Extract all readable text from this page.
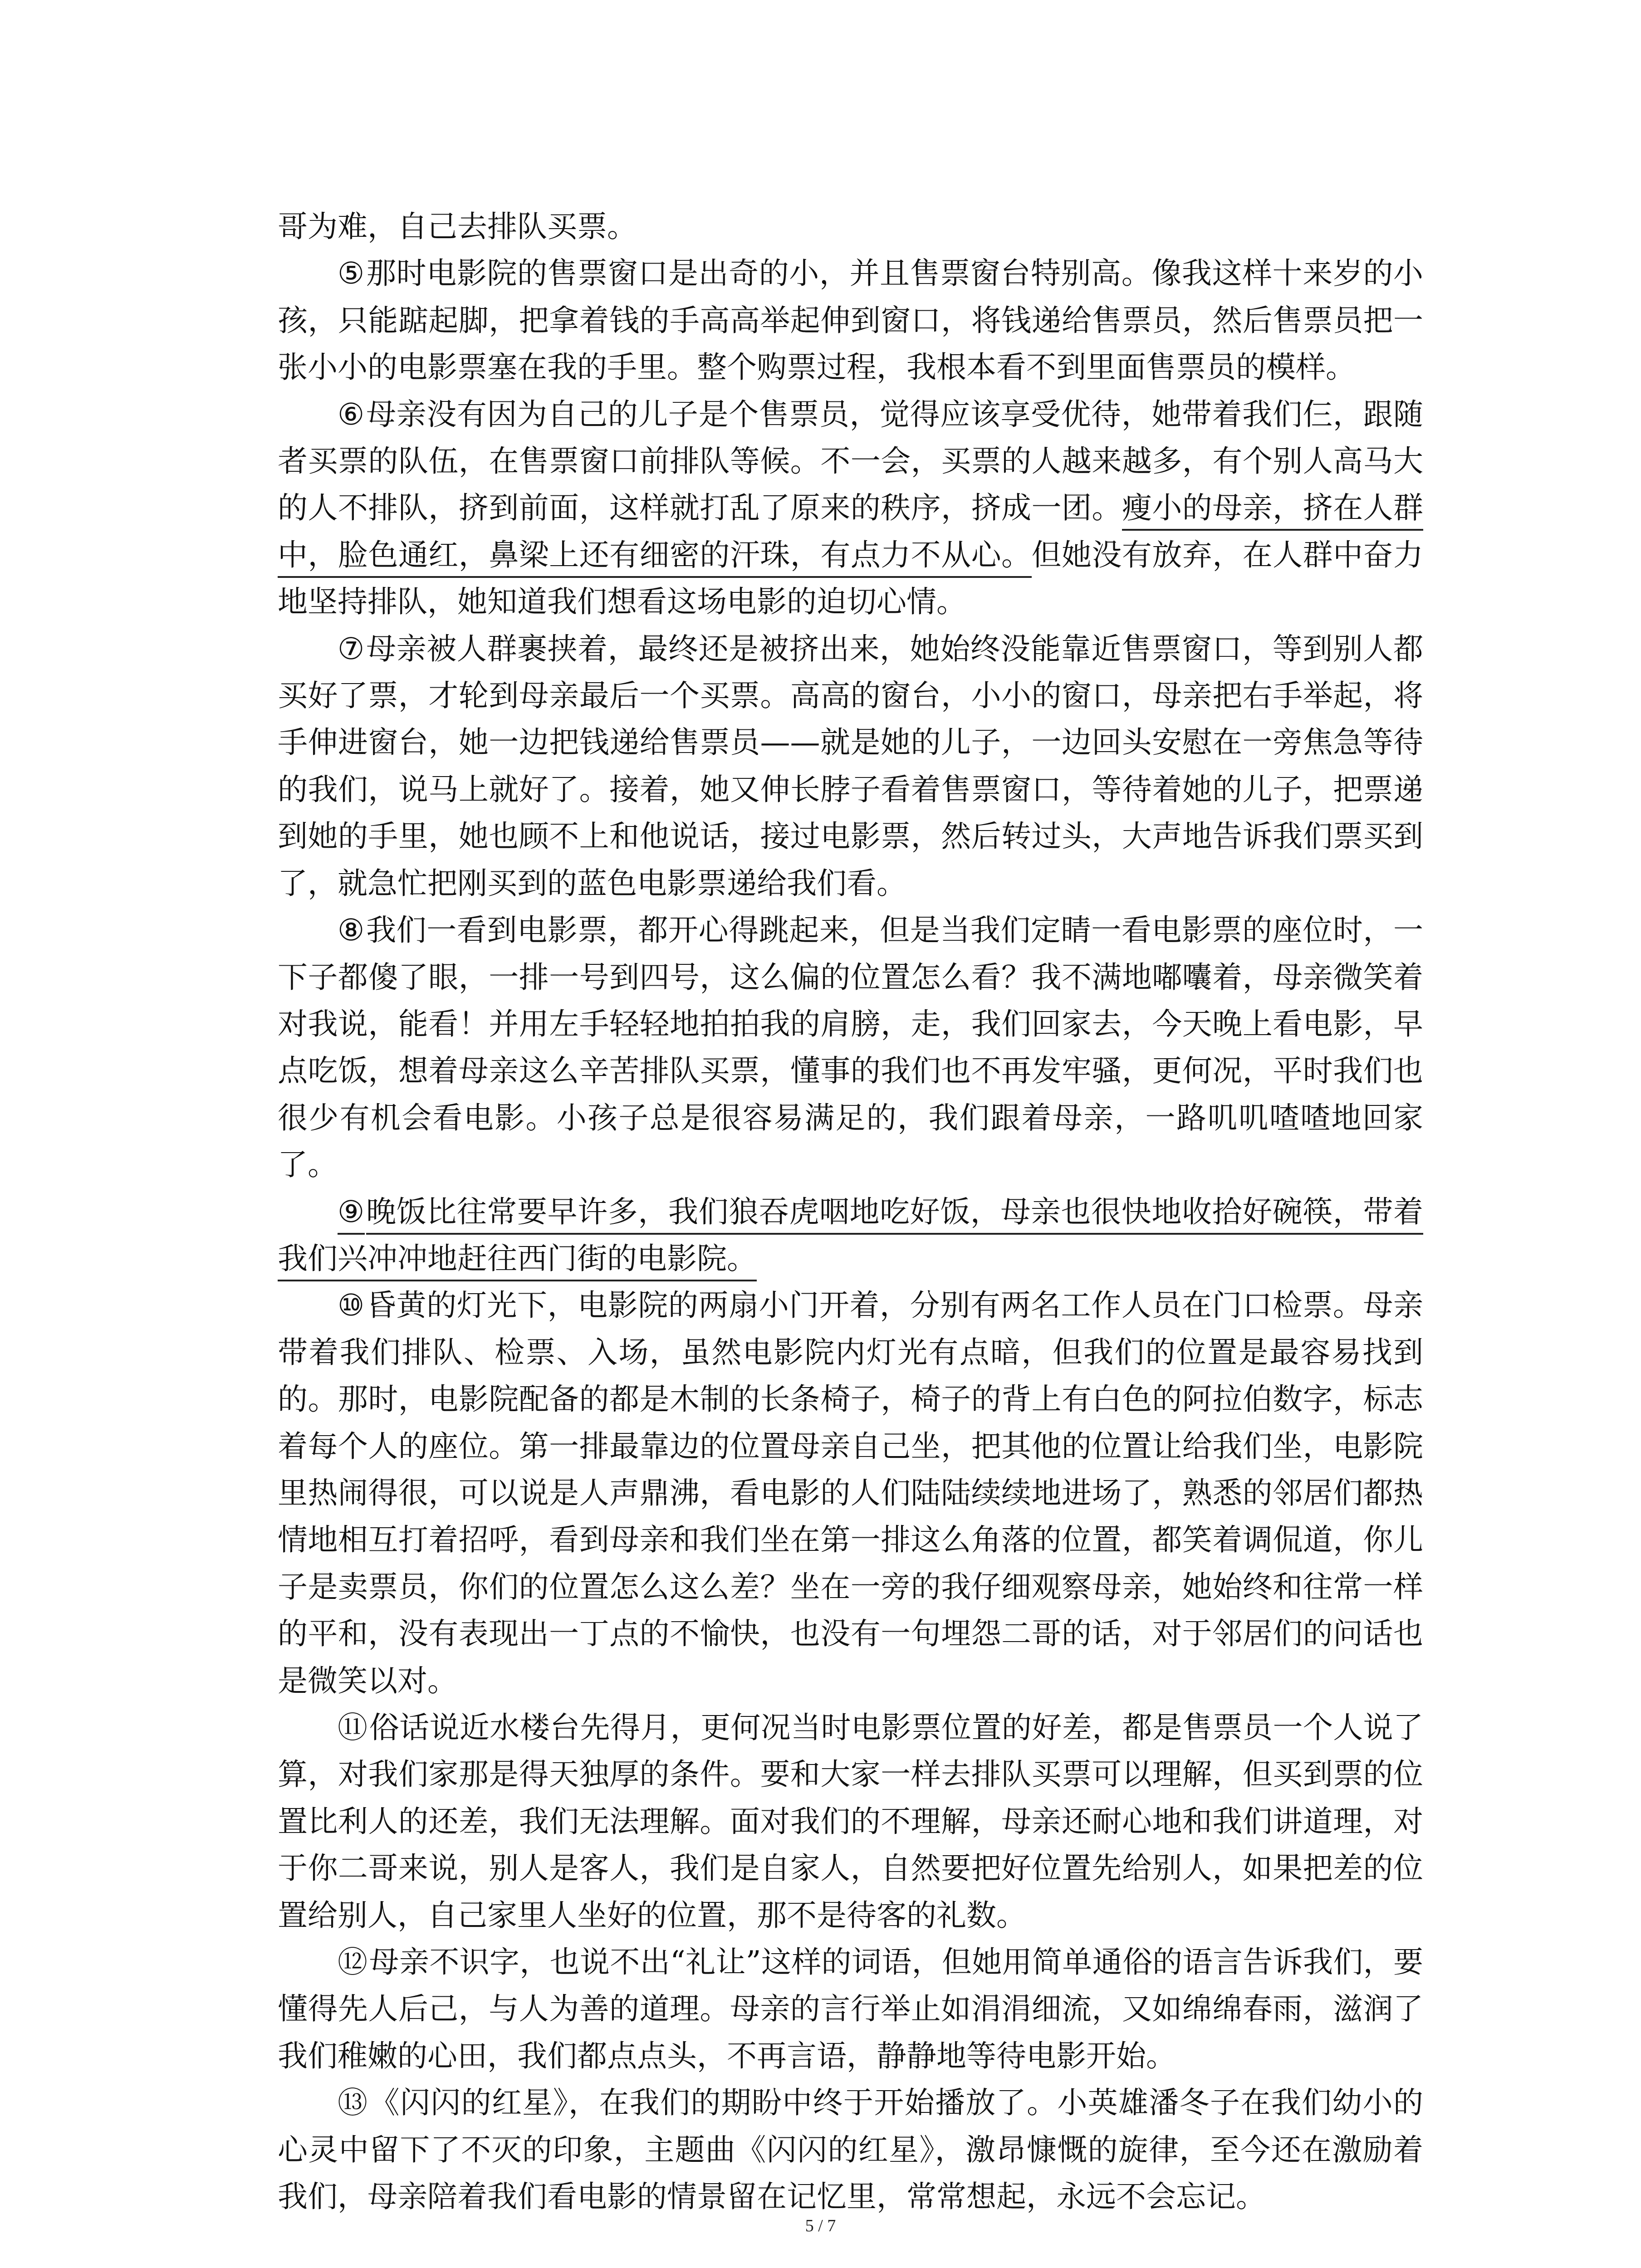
哥为难，自己去排队买票。

⑤那时电影院的售票窗口是出奇的小，并且售票窗台特别高。像我这样十来岁的小孩，只能踮起脚，把拿着钱的手高高举起伸到窗口，将钱递给售票员，然后售票员把一张小小的电影票塞在我的手里。整个购票过程，我根本看不到里面售票员的模样。

⑥母亲没有因为自己的儿子是个售票员，觉得应该享受优待，她带着我们仨，跟随者买票的队伍，在售票窗口前排队等候。不一会，买票的人越来越多，有个别人高马大的人不排队，挤到前面，这样就打乱了原来的秩序，挤成一团。瘦小的母亲，挤在人群中，脸色通红，鼻梁上还有细密的汗珠，有点力不从心。但她没有放弃，在人群中奋力地坚持排队，她知道我们想看这场电影的迫切心情。

⑦母亲被人群裹挟着，最终还是被挤出来，她始终没能靠近售票窗口，等到别人都买好了票，才轮到母亲最后一个买票。高高的窗台，小小的窗口，母亲把右手举起，将手伸进窗台，她一边把钱递给售票员——就是她的儿子，一边回头安慰在一旁焦急等待的我们，说马上就好了。接着，她又伸长脖子看着售票窗口，等待着她的儿子，把票递到她的手里，她也顾不上和他说话，接过电影票，然后转过头，大声地告诉我们票买到了，就急忙把刚买到的蓝色电影票递给我们看。

⑧我们一看到电影票，都开心得跳起来，但是当我们定睛一看电影票的座位时，一下子都傻了眼，一排一号到四号，这么偏的位置怎么看？我不满地嘟囔着，母亲微笑着对我说，能看！并用左手轻轻地拍拍我的肩膀，走，我们回家去，今天晚上看电影，早点吃饭，想着母亲这么辛苦排队买票，懂事的我们也不再发牢骚，更何况，平时我们也很少有机会看电影。小孩子总是很容易满足的，我们跟着母亲，一路叽叽喳喳地回家了。

⑨晚饭比往常要早许多，我们狼吞虎咽地吃好饭，母亲也很快地收拾好碗筷，带着我们兴冲冲地赶往西门街的电影院。

⑩昏黄的灯光下，电影院的两扇小门开着，分别有两名工作人员在门口检票。母亲带着我们排队、检票、入场，虽然电影院内灯光有点暗，但我们的位置是最容易找到的。那时，电影院配备的都是木制的长条椅子，椅子的背上有白色的阿拉伯数字，标志着每个人的座位。第一排最靠边的位置母亲自己坐，把其他的位置让给我们坐，电影院里热闹得很，可以说是人声鼎沸，看电影的人们陆陆续续地进场了，熟悉的邻居们都热情地相互打着招呼，看到母亲和我们坐在第一排这么角落的位置，都笑着调侃道，你儿子是卖票员，你们的位置怎么这么差？坐在一旁的我仔细观察母亲，她始终和往常一样的平和，没有表现出一丁点的不愉快，也没有一句埋怨二哥的话，对于邻居们的问话也是微笑以对。

⑪俗话说近水楼台先得月，更何况当时电影票位置的好差，都是售票员一个人说了算，对我们家那是得天独厚的条件。要和大家一样去排队买票可以理解，但买到票的位置比利人的还差，我们无法理解。面对我们的不理解，母亲还耐心地和我们讲道理，对于你二哥来说，别人是客人，我们是自家人，自然要把好位置先给别人，如果把差的位置给别人，自己家里人坐好的位置，那不是待客的礼数。

⑫母亲不识字，也说不出“礼让”这样的词语，但她用简单通俗的语言告诉我们，要懂得先人后己，与人为善的道理。母亲的言行举止如涓涓细流，又如绵绵春雨，滋润了我们稚嫩的心田，我们都点点头，不再言语，静静地等待电影开始。

⑬《闪闪的红星》，在我们的期盼中终于开始播放了。小英雄潘冬子在我们幼小的心灵中留下了不灭的印象，主题曲《闪闪的红星》，激昂慷慨的旋律，至今还在激励着我们，母亲陪着我们看电影的情景留在记忆里，常常想起，永远不会忘记。

5 / 7
